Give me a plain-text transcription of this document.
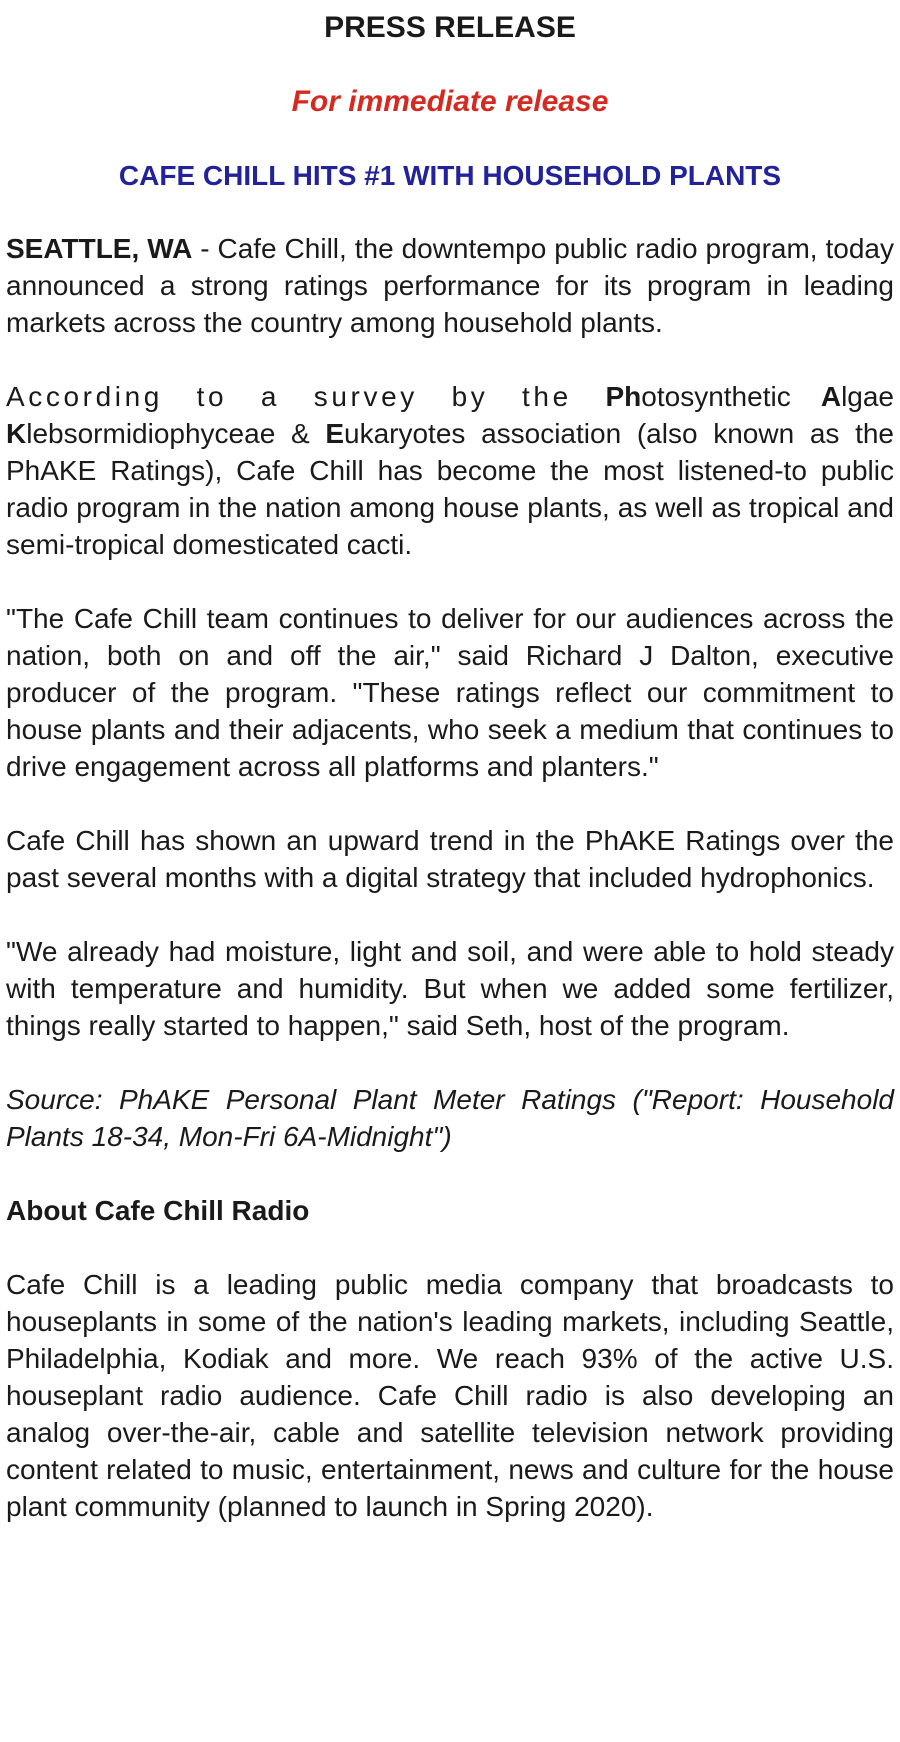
PRESS RELEASE
For immediate release
CAFE CHILL HITS #1 WITH HOUSEHOLD PLANTS

SEATTLE, WA - Cafe Chill, the downtempo public radio program, today announced a strong ratings performance for its program in leading markets across the country among household plants.

According to a survey by the Photosynthetic Algae Klebsormidiophyceae & Eukaryotes association (also known as the PhAKE Ratings), Cafe Chill has become the most listened-to public radio program in the nation among house plants, as well as tropical and semi-tropical domesticated cacti.

"The Cafe Chill team continues to deliver for our audiences across the nation, both on and off the air," said Richard J Dalton, executive producer of the program. "These ratings reflect our commitment to house plants and their adjacents, who seek a medium that continues to drive engagement across all platforms and planters."

Cafe Chill has shown an upward trend in the PhAKE Ratings over the past several months with a digital strategy that included hydrophonics.

"We already had moisture, light and soil, and were able to hold steady with temperature and humidity. But when we added some fertilizer, things really started to happen," said Seth, host of the program.

Source: PhAKE Personal Plant Meter Ratings ("Report: Household Plants 18-34, Mon-Fri 6A-Midnight")

About Cafe Chill Radio

Cafe Chill is a leading public media company that broadcasts to houseplants in some of the nation's leading markets, including Seattle, Philadelphia, Kodiak and more. We reach 93% of the active U.S. houseplant radio audience. Cafe Chill radio is also developing an analog over-the-air, cable and satellite television network providing content related to music, entertainment, news and culture for the house plant community (planned to launch in Spring 2020).
